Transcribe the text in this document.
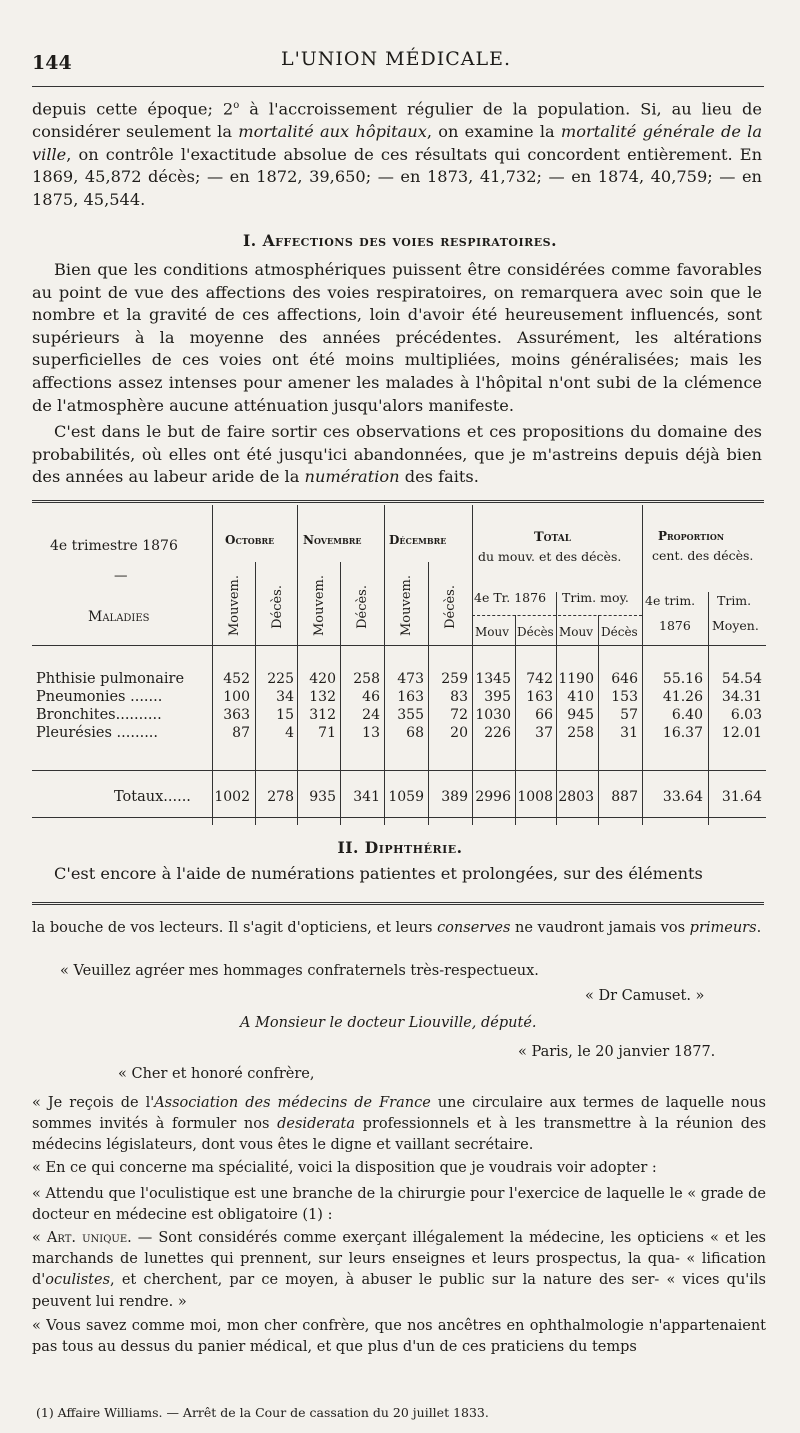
144	L'UNION MÉDICALE.

depuis cette époque; 2$^o$ à l'accroissement régulier de la population. Si, au lieu de considérer seulement la mortalité aux hôpitaux, on examine la mortalité générale de la ville, on contrôle l'exactitude absolue de ces résultats qui concordent entièrement. En 1869, 45,872 décès; — en 1872, 39,650; — en 1873, 41,732; — en 1874, 40,759; — en 1875, 45,544.

I. Affections des voies respiratoires.

Bien que les conditions atmosphériques puissent être considérées comme favorables au point de vue des affections des voies respiratoires, on remarquera avec soin que le nombre et la gravité de ces affections, loin d'avoir été heureusement influencés, sont supérieurs à la moyenne des années précédentes. Assurément, les altérations superficielles de ces voies ont été moins multipliées, moins généralisées; mais les affections assez intenses pour amener les malades à l'hôpital n'ont subi de la clémence de l'atmosphère aucune atténuation jusqu'alors manifeste.

C'est dans le but de faire sortir ces observations et ces propositions du domaine des probabilités, où elles ont été jusqu'ici abandonnées, que je m'astreins depuis déjà bien des années au labeur aride de la numération des faits.

4e trimestre 1876
—
Maladies
Octobre Novembre Décembre
Mouvem. Décès. Mouvem. Décès. Mouvem. Décès.
Total
du mouv. et des décès.
4e Tr. 1876 Trim. moy.
Mouv Décès Mouv Décès
Proportion
cent. des décès.
4e trim.
1876
Trim.
Moyen.
Phthisie pulmonaire	452 225 420 258 473 259 1345 742 1190 646 55.16 54.54
Pneumonies .......	100 34 132 46 163 83 395 163 410 153 41.26 34.31
Bronchites..........	363 15 312 24 355 72 1030 66 945 57 6.40 6.03
Pleurésies .........	87	4 71 13 68 20 226 37 258 31 16.37 12.01
Totaux...... 1002 278 935 341 1059 389 2996 1008 2803 887 33.64 31.64
II. Diphthérie.

C'est encore à l'aide de numérations patientes et prolongées, sur des éléments

la bouche de vos lecteurs. Il s'agit d'opticiens, et leurs conserves ne vaudront jamais vos primeurs.

« Veuillez agréer mes hommages confraternels très-respectueux.

« Dr Camuset. »
A Monsieur le docteur Liouville, député.
« Paris, le 20 janvier 1877.
« Cher et honoré confrère,

« Je reçois de l'Association des médecins de France une circulaire aux termes de laquelle nous sommes invités à formuler nos desiderata professionnels et à les transmettre à la réunion des médecins législateurs, dont vous êtes le digne et vaillant secrétaire.

« En ce qui concerne ma spécialité, voici la disposition que je voudrais voir adopter :

« Attendu que l'oculistique est une branche de la chirurgie pour l'exercice de laquelle le « grade de docteur en médecine est obligatoire (1) :

« Art. unique. — Sont considérés comme exerçant illégalement la médecine, les opticiens « et les marchands de lunettes qui prennent, sur leurs enseignes et leurs prospectus, la qua- « lification d'oculistes, et cherchent, par ce moyen, à abuser le public sur la nature des ser- « vices qu'ils peuvent lui rendre. »

« Vous savez comme moi, mon cher confrère, que nos ancêtres en ophthalmologie n'appartenaient pas tous au dessus du panier médical, et que plus d'un de ces praticiens du temps

(1) Affaire Williams. — Arrêt de la Cour de cassation du 20 juillet 1833.
